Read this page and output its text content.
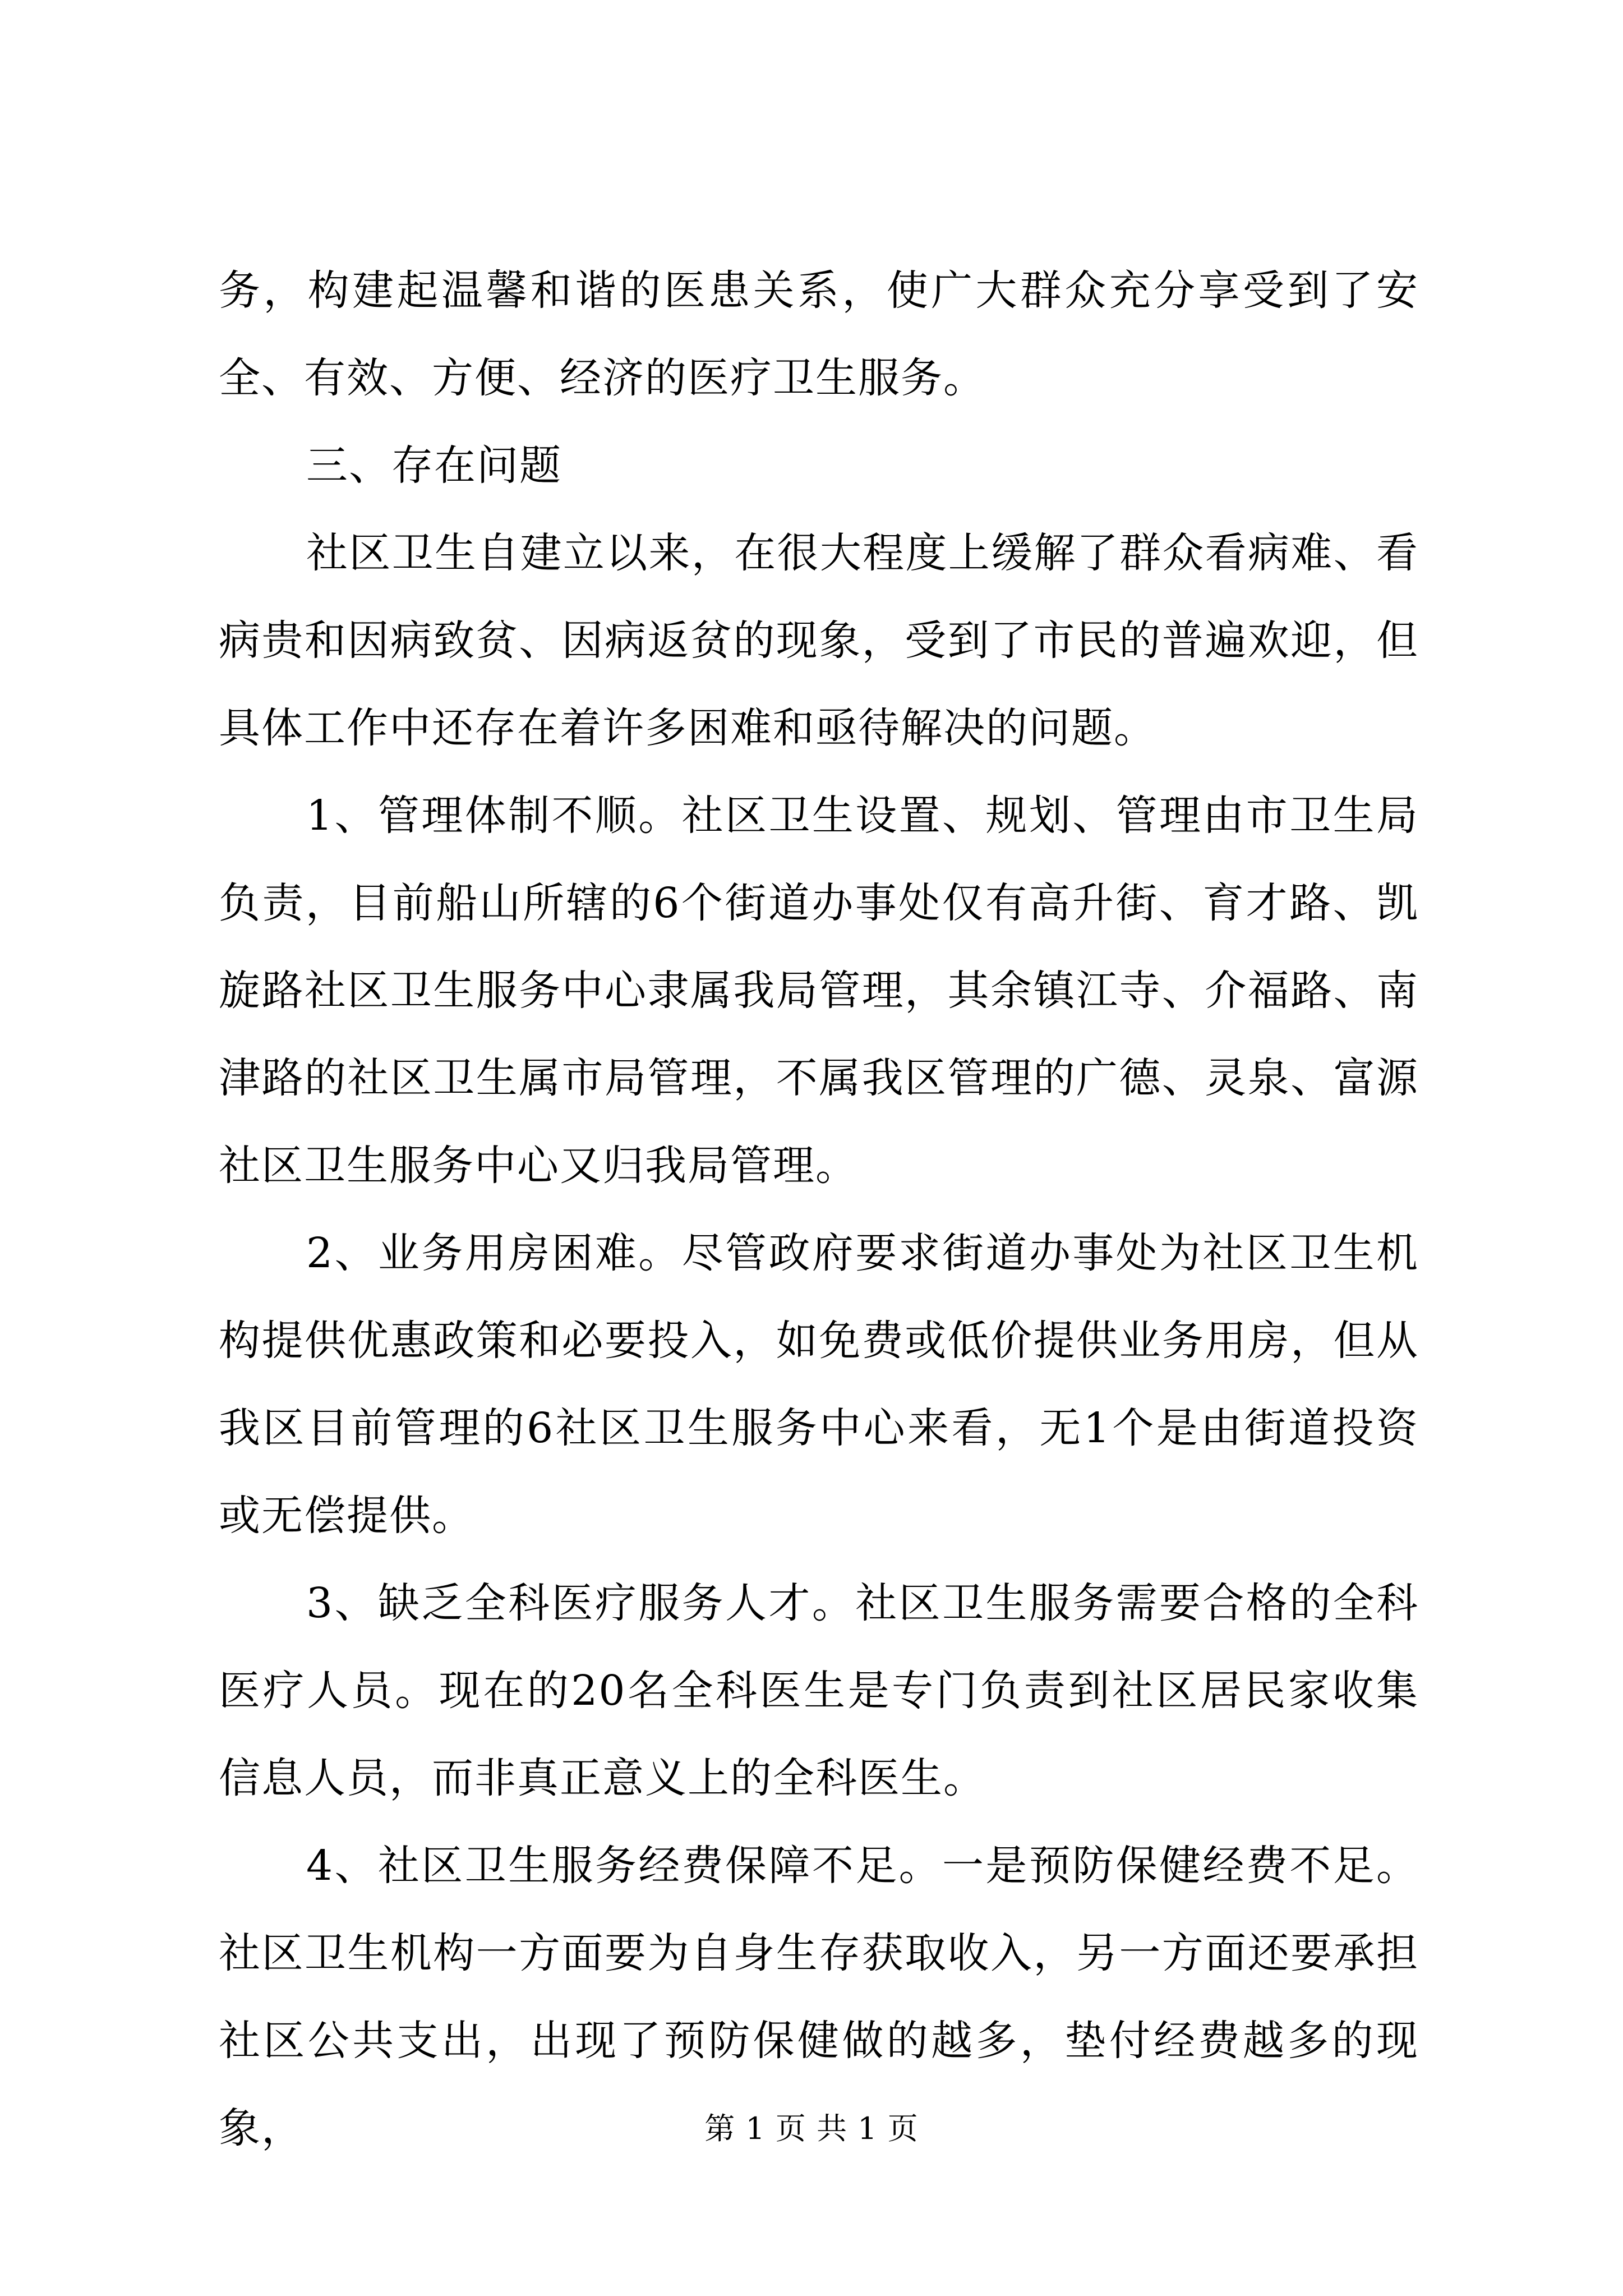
务，构建起温馨和谐的医患关系，使广大群众充分享受到了安全、有效、方便、经济的医疗卫生服务。

三、存在问题

社区卫生自建立以来，在很大程度上缓解了群众看病难、看病贵和因病致贫、因病返贫的现象，受到了市民的普遍欢迎，但具体工作中还存在着许多困难和亟待解决的问题。

1、管理体制不顺。社区卫生设置、规划、管理由市卫生局负责，目前船山所辖的6个街道办事处仅有高升街、育才路、凯旋路社区卫生服务中心隶属我局管理，其余镇江寺、介福路、南津路的社区卫生属市局管理，不属我区管理的广德、灵泉、富源社区卫生服务中心又归我局管理。

2、业务用房困难。尽管政府要求街道办事处为社区卫生机构提供优惠政策和必要投入，如免费或低价提供业务用房，但从我区目前管理的6社区卫生服务中心来看，无1个是由街道投资或无偿提供。

3、缺乏全科医疗服务人才。社区卫生服务需要合格的全科医疗人员。现在的20名全科医生是专门负责到社区居民家收集信息人员，而非真正意义上的全科医生。

4、社区卫生服务经费保障不足。一是预防保健经费不足。社区卫生机构一方面要为自身生存获取收入，另一方面还要承担社区公共支出，出现了预防保健做的越多，垫付经费越多的现象，	第 1 页 共 1 页
